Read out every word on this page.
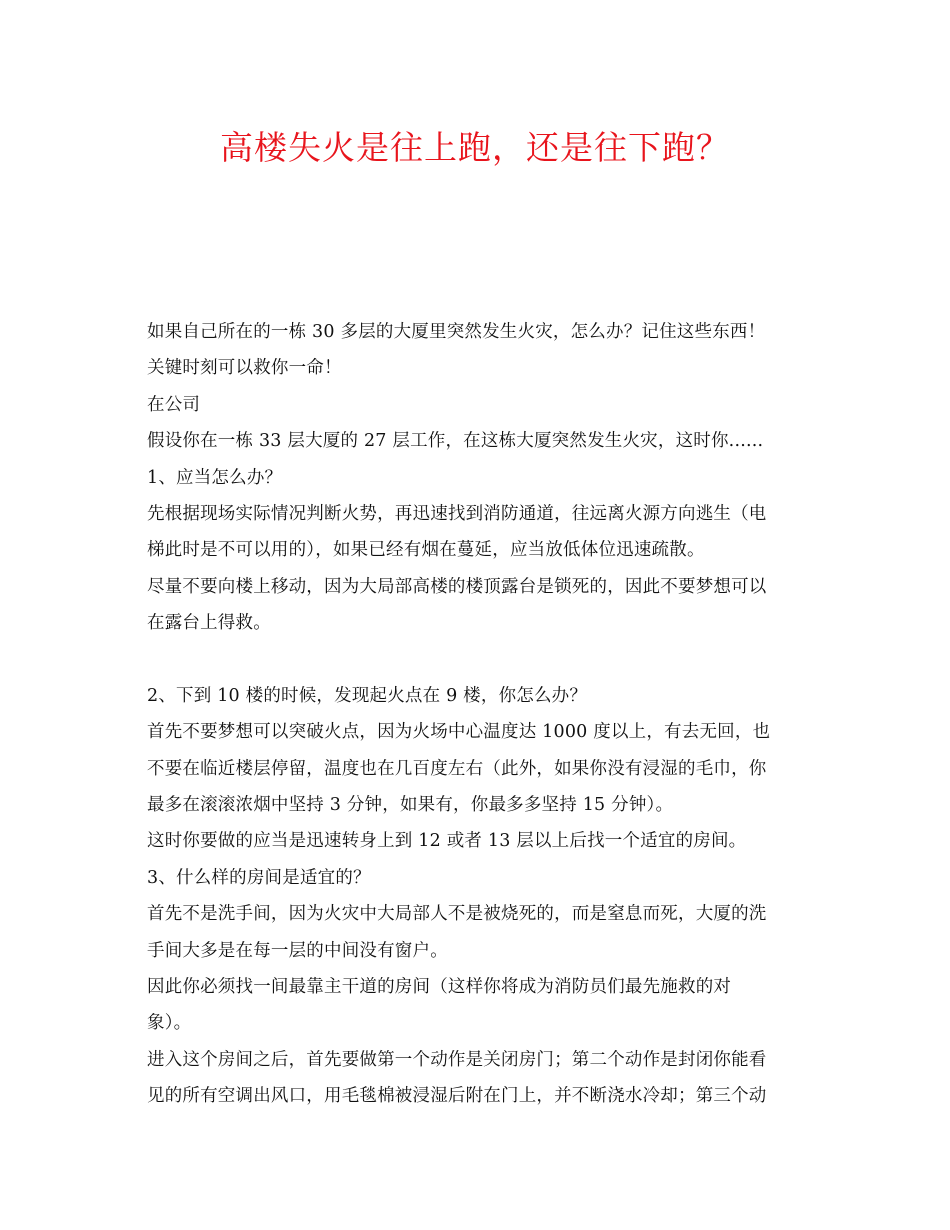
高楼失火是往上跑，还是往下跑？
如果自己所在的一栋 30 多层的大厦里突然发生火灾，怎么办？记住这些东西！
关键时刻可以救你一命！
在公司
假设你在一栋 33 层大厦的 27 层工作，在这栋大厦突然发生火灾，这时你......
1、应当怎么办？
先根据现场实际情况判断火势，再迅速找到消防通道，往远离火源方向逃生（电
梯此时是不可以用的），如果已经有烟在蔓延，应当放低体位迅速疏散。
尽量不要向楼上移动，因为大局部高楼的楼顶露台是锁死的，因此不要梦想可以
在露台上得救。
2、下到 10 楼的时候，发现起火点在 9 楼，你怎么办？
首先不要梦想可以突破火点，因为火场中心温度达 1000 度以上，有去无回，也
不要在临近楼层停留，温度也在几百度左右（此外，如果你没有浸湿的毛巾，你
最多在滚滚浓烟中坚持 3 分钟，如果有，你最多多坚持 15 分钟）。
这时你要做的应当是迅速转身上到 12 或者 13 层以上后找一个适宜的房间。
3、什么样的房间是适宜的？
首先不是洗手间，因为火灾中大局部人不是被烧死的，而是窒息而死，大厦的洗
手间大多是在每一层的中间没有窗户。
因此你必须找一间最靠主干道的房间（这样你将成为消防员们最先施救的对
象）。
进入这个房间之后，首先要做第一个动作是关闭房门；第二个动作是封闭你能看
见的所有空调出风口，用毛毯棉被浸湿后附在门上，并不断浇水冷却；第三个动
